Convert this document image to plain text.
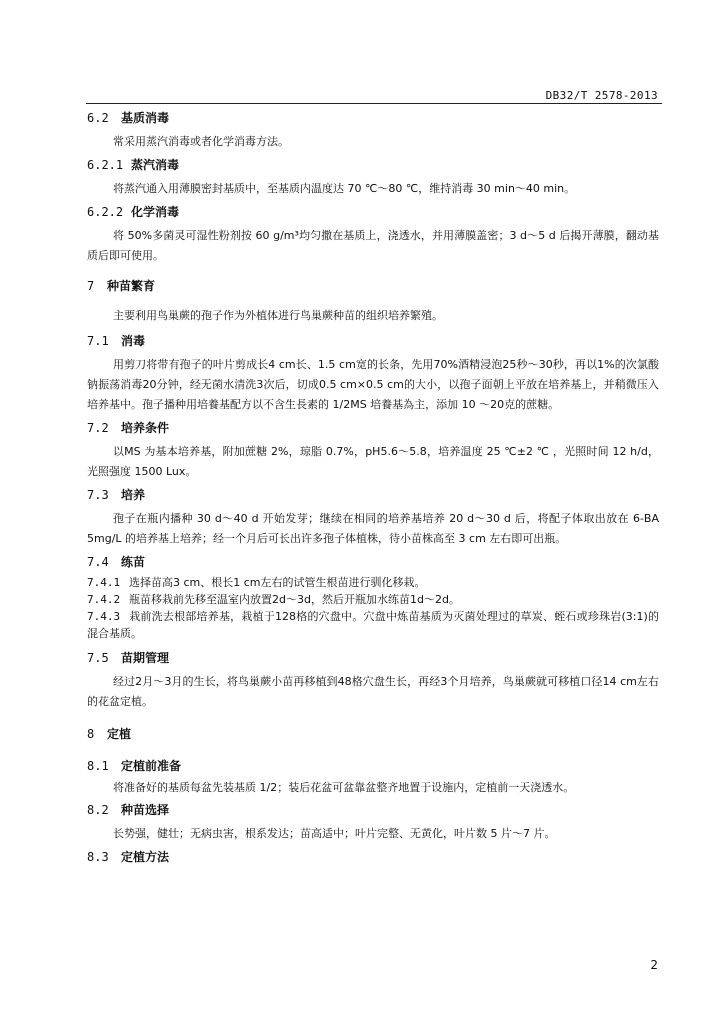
DB32/T 2578-2013
6.2 基质消毒
常采用蒸汽消毒或者化学消毒方法。
6.2.1 蒸汽消毒
将蒸汽通入用薄膜密封基质中，至基质内温度达 70 ℃～80 ℃，维持消毒 30 min～40 min。
6.2.2 化学消毒
将 50%多菌灵可湿性粉剂按 60 g/m³均匀撒在基质上，浇透水，并用薄膜盖密；3 d～5 d 后揭开薄膜，翻动基质后即可使用。
7 种苗繁育
主要利用鸟巢蕨的孢子作为外植体进行鸟巢蕨种苗的组织培养繁殖。
7.1 消毒
用剪刀将带有孢子的叶片剪成长4 cm长、1.5 cm宽的长条，先用70%酒精浸泡25秒～30秒，再以1%的次氯酸钠振荡消毒20分钟，经无菌水清洗3次后，切成0.5 cm×0.5 cm的大小，以孢子面朝上平放在培养基上，并稍微压入培养基中。孢子播种用培養基配方以不含生長素的 1/2MS 培養基為主，添加 10 ～20克的蔗糖。
7.2 培养条件
以MS 为基本培养基，附加蔗糖 2%，琼脂 0.7%，pH5.6～5.8，培养温度 25 ℃±2 ℃ ，光照时间 12 h/d，光照强度 1500 Lux。
7.3 培养
孢子在瓶内播种 30 d～40 d 开始发芽；继续在相同的培养基培养 20 d～30 d 后，将配子体取出放在 6-BA 5mg/L 的培养基上培养；经一个月后可长出许多孢子体植株，待小苗株高至 3 cm 左右即可出瓶。
7.4 练苗
7.4.1 选择苗高3 cm、根长1 cm左右的试管生根苗进行驯化移栽。
7.4.2 瓶苗移栽前先移至温室内放置2d～3d，然后开瓶加水练苗1d～2d。
7.4.3 栽前洗去根部培养基，栽植于128格的穴盘中。穴盘中炼苗基质为灭菌处理过的草炭、蛭石或珍珠岩(3:1)的混合基质。
7.5 苗期管理
经过2月～3月的生长，将鸟巢蕨小苗再移植到48格穴盘生长，再经3个月培养，鸟巢蕨就可移植口径14 cm左右的花盆定植。
8 定植
8.1 定植前准备
将准备好的基质每盆先装基质 1/2；装后花盆可盆靠盆整齐地置于设施内，定植前一天浇透水。
8.2 种苗选择
长势强，健壮；无病虫害，根系发达；苗高适中；叶片完整、无黄化，叶片数 5 片～7 片。
8.3 定植方法
2
